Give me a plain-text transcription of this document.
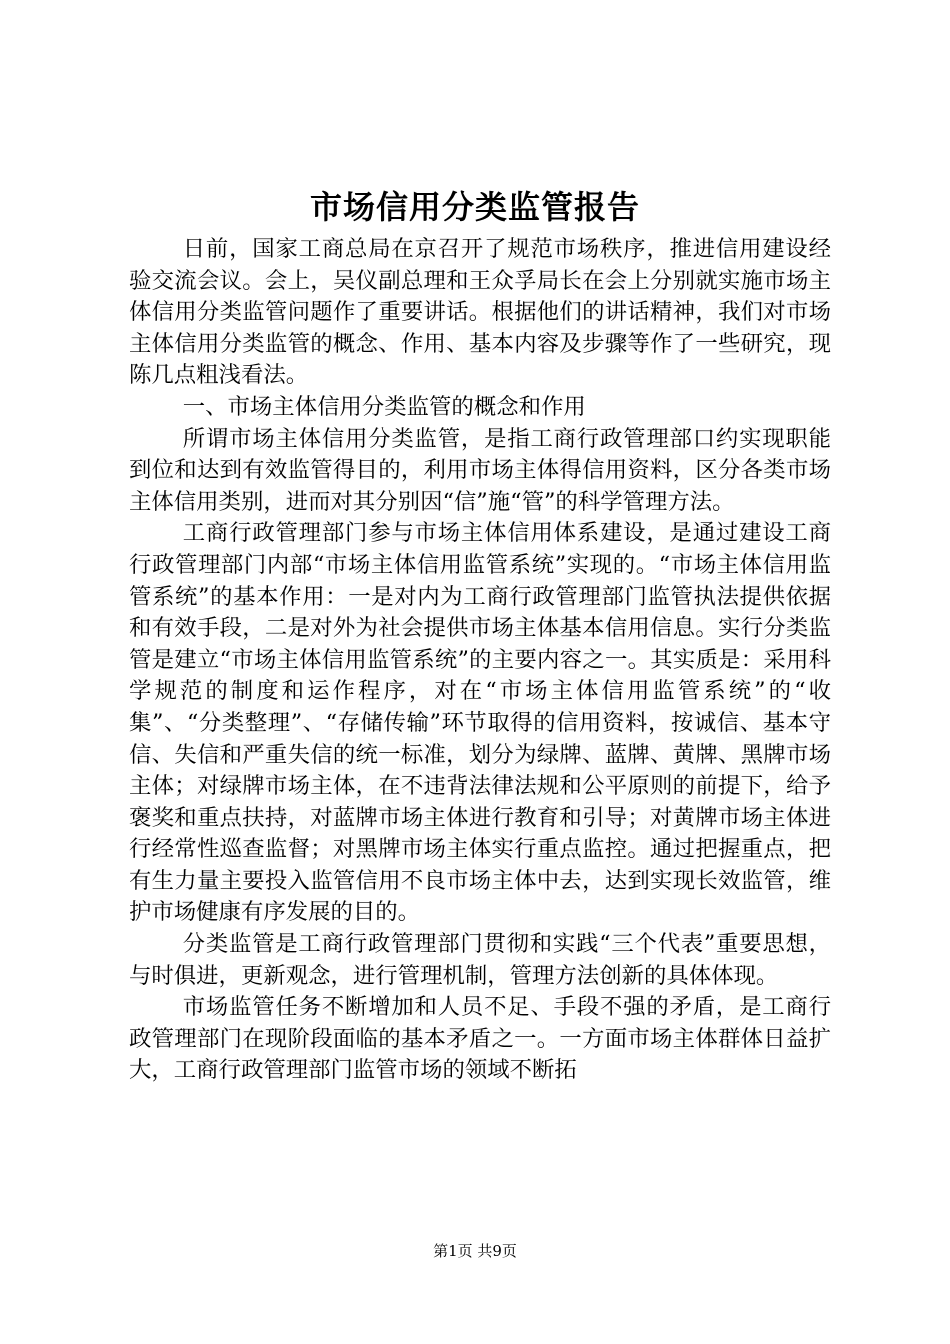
市场信用分类监管报告

日前，国家工商总局在京召开了规范市场秩序，推进信用建设经验交流会议。会上，吴仪副总理和王众孚局长在会上分别就实施市场主体信用分类监管问题作了重要讲话。根据他们的讲话精神，我们对市场主体信用分类监管的概念、作用、基本内容及步骤等作了一些研究，现陈几点粗浅看法。

一、市场主体信用分类监管的概念和作用

所谓市场主体信用分类监管，是指工商行政管理部口约实现职能到位和达到有效监管得目的，利用市场主体得信用资料，区分各类市场主体信用类别，进而对其分别因“信”施“管”的科学管理方法。

工商行政管理部门参与市场主体信用体系建设，是通过建设工商行政管理部门内部“市场主体信用监管系统”实现的。“市场主体信用监管系统”的基本作用：一是对内为工商行政管理部门监管执法提供依据和有效手段，二是对外为社会提供市场主体基本信用信息。实行分类监管是建立“市场主体信用监管系统”的主要内容之一。其实质是：采用科学规范的制度和运作程序，对在“市场主体信用监管系统”的“收集”、“分类整理”、“存储传输”环节取得的信用资料，按诚信、基本守信、失信和严重失信的统一标准，划分为绿牌、蓝牌、黄牌、黑牌市场主体；对绿牌市场主体，在不违背法律法规和公平原则的前提下，给予褒奖和重点扶持，对蓝牌市场主体进行教育和引导；对黄牌市场主体进行经常性巡查监督；对黑牌市场主体实行重点监控。通过把握重点，把有生力量主要投入监管信用不良市场主体中去，达到实现长效监管，维护市场健康有序发展的目的。

分类监管是工商行政管理部门贯彻和实践“三个代表”重要思想，与时俱进，更新观念，进行管理机制，管理方法创新的具体体现。

市场监管任务不断增加和人员不足、手段不强的矛盾，是工商行政管理部门在现阶段面临的基本矛盾之一。一方面市场主体群体日益扩大，工商行政管理部门监管市场的领域不断拓

第1页 共9页
